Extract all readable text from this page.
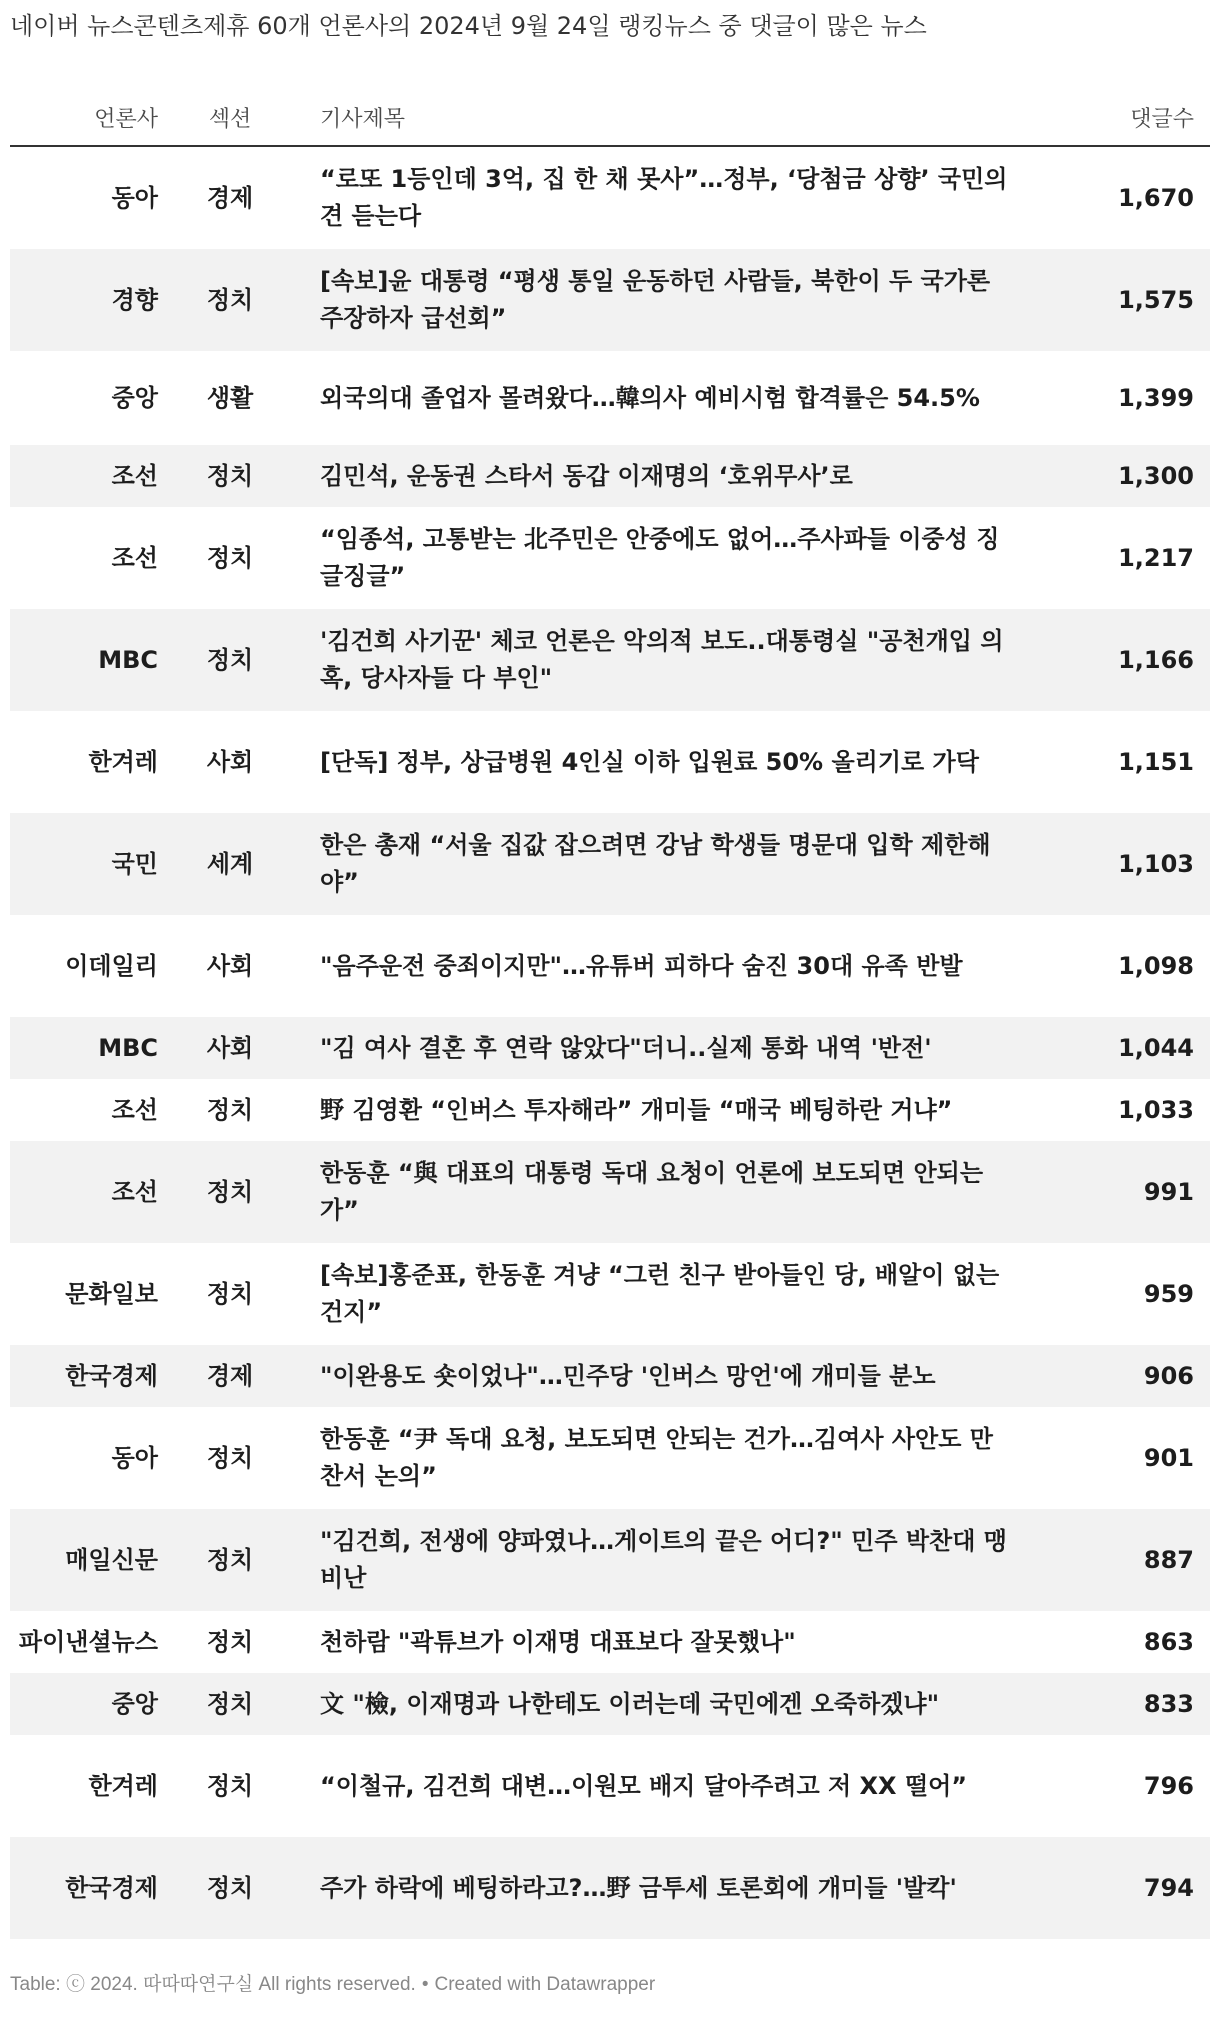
네이버 뉴스콘텐츠제휴 60개 언론사의 2024년 9월 24일 랭킹뉴스 중 댓글이 많은 뉴스
언론사	섹션	기사제목	댓글수
동아	경제	“로또 1등인데 3억, 집 한 채 못사”…정부, ‘당첨금 상향’ 국민의견 듣는다	1,670
경향	정치	[속보]윤 대통령 “평생 통일 운동하던 사람들, 북한이 두 국가론 주장하자 급선회”	1,575
중앙	생활	외국의대 졸업자 몰려왔다…韓의사 예비시험 합격률은 54.5%	1,399
조선	정치	김민석, 운동권 스타서 동갑 이재명의 ‘호위무사’로	1,300
조선	정치	“임종석, 고통받는 北주민은 안중에도 없어…주사파들 이중성 징글징글”	1,217
MBC	정치	'김건희 사기꾼' 체코 언론은 악의적 보도..대통령실 "공천개입 의혹, 당사자들 다 부인"	1,166
한겨레	사회	[단독] 정부, 상급병원 4인실 이하 입원료 50% 올리기로 가닥	1,151
국민	세계	한은 총재 “서울 집값 잡으려면 강남 학생들 명문대 입학 제한해야”	1,103
이데일리	사회	"음주운전 중죄이지만"…유튜버 피하다 숨진 30대 유족 반발	1,098
MBC	사회	"김 여사 결혼 후 연락 않았다"더니..실제 통화 내역 '반전'	1,044
조선	정치	野 김영환 “인버스 투자해라” 개미들 “매국 베팅하란 거냐”	1,033
조선	정치	한동훈 “與 대표의 대통령 독대 요청이 언론에 보도되면 안되는가”	991
문화일보	정치	[속보]홍준표, 한동훈 겨냥 “그런 친구 받아들인 당, 배알이 없는 건지”	959
한국경제	경제	"이완용도 숏이었나"…민주당 '인버스 망언'에 개미들 분노	906
동아	정치	한동훈 “尹 독대 요청, 보도되면 안되는 건가…김여사 사안도 만찬서 논의”	901
매일신문	정치	"김건희, 전생에 양파였나…게이트의 끝은 어디?" 민주 박찬대 맹비난	887
파이낸셜뉴스	정치	천하람 "곽튜브가 이재명 대표보다 잘못했나"	863
중앙	정치	文 "檢, 이재명과 나한테도 이러는데 국민에겐 오죽하겠냐"	833
한겨레	정치	“이철규, 김건희 대변…이원모 배지 달아주려고 저 XX 떨어”	796
한국경제	정치	주가 하락에 베팅하라고?…野 금투세 토론회에 개미들 '발칵'	794
Table: ⓒ 2024. 따따따연구실 All rights reserved. • Created with Datawrapper
